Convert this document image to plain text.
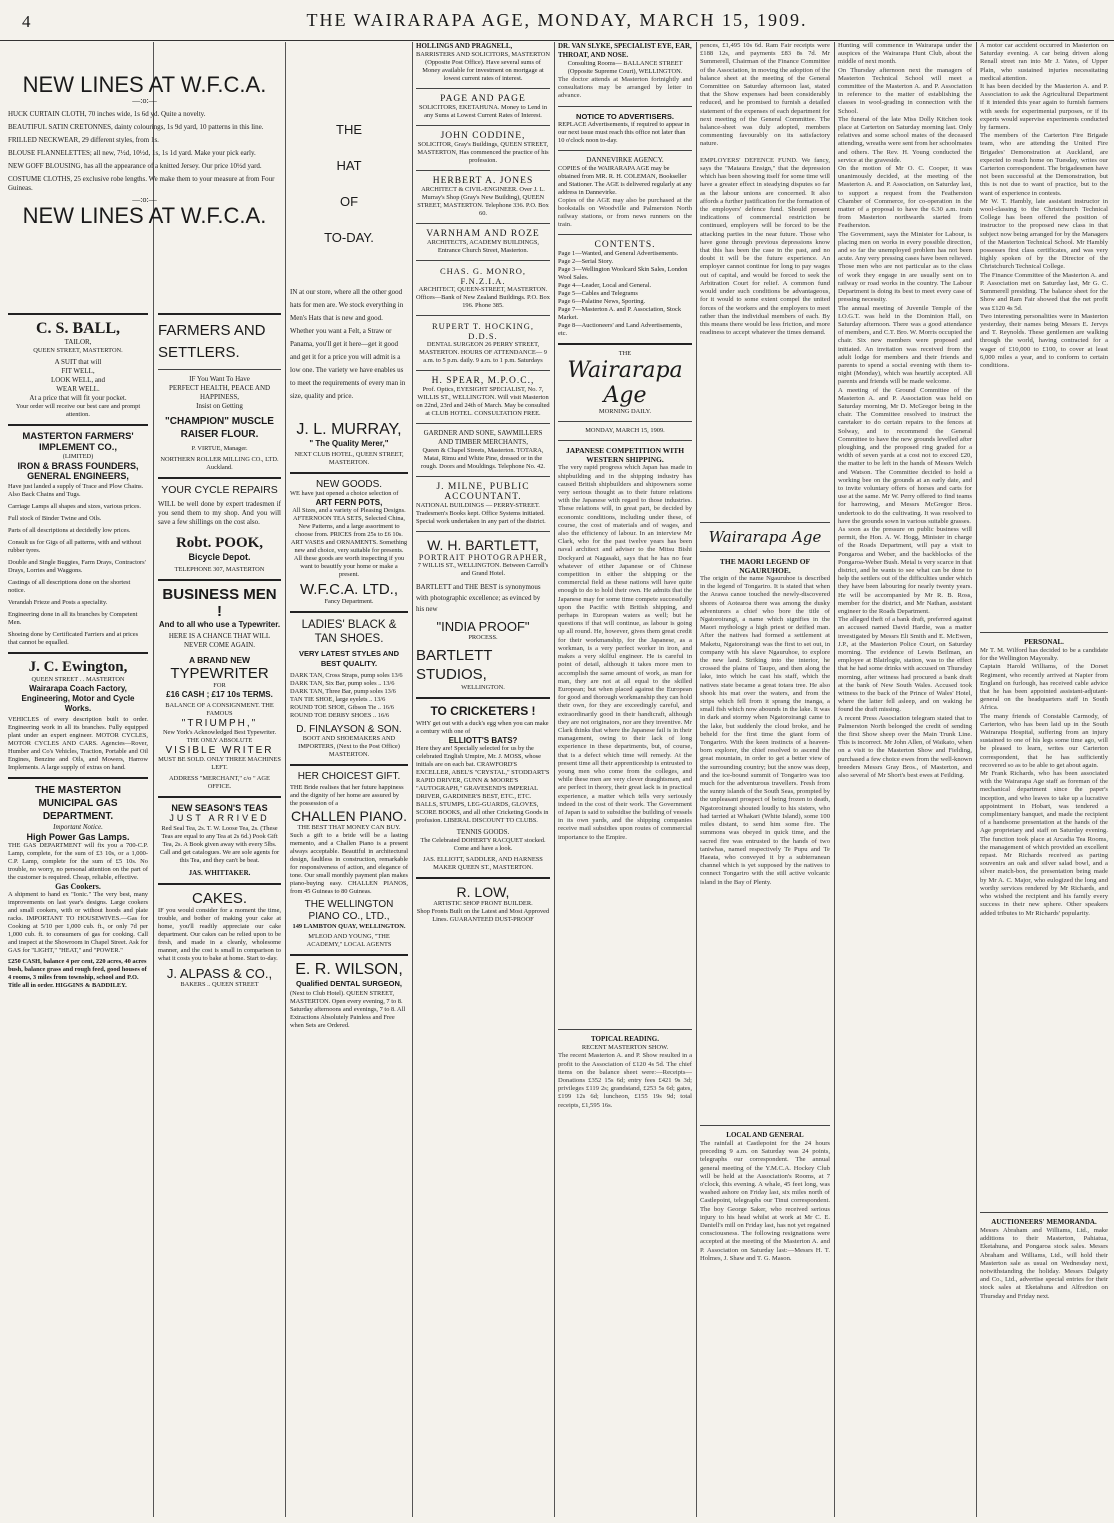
4	THE WAIRARAPA AGE, MONDAY, MARCH 15, 1909.
NEW LINES AT W.F.C.A.
—:o:—

HUCK CURTAIN CLOTH, 70 inches wide, 1s 6d yd. Quite a novelty.

BEAUTIFUL SATIN CRETONNES, dainty colourings, 1s 9d yard, 10 patterns in this line.

FRILLED NECKWEAR, 29 different styles, from 1s.

BLOUSE FLANNELETTES; all new, 7½d, 10½d, 1s, 1s 1d yard. Make your pick early.

NEW GOFF BLOUSING, has all the appearance of a knitted Jersey. Our price 10½d yard.

COSTUME CLOTHS, 25 exclusive robe lengths. We make them to your measure at from Four Guineas.

—:o:—
NEW LINES AT W.F.C.A.
C. S. BALL,
TAILOR,
QUEEN STREET, MASTERTON.

A SUIT that will

FIT WELL,

LOOK WELL, and

WEAR WELL.

At a price that will fit your pocket.

Your order will receive our best care and prompt attention.

MASTERTON FARMERS' IMPLEMENT CO.,
(LIMITED)
IRON & BRASS FOUNDERS,
GENERAL ENGINEERS,

Have just landed a supply of Trace and Plow Chains. Also Back Chains and Tugs.

Carriage Lamps all shapes and sizes, various prices.

Full stock of Binder Twine and Oils.

Parts of all descriptions at decidedly low prices.

Consult us for Gigs of all patterns, with and without rubber tyres.

Double and Single Buggies, Farm Drays, Contractors' Drays, Lorries and Waggons.

Castings of all descriptions done on the shortest notice.

Verandah Frieze and Posts a speciality.

Engineering done in all its branches by Competent Men.

Shoeing done by Certificated Farriers and at prices that cannot be equalled.

J. C. Ewington,
QUEEN STREET . . MASTERTON
Wairarapa Coach Factory, Engineering, Motor and Cycle Works.

VEHICLES of every description built to order. Engineering work in all its branches. Fully equipped plant under an expert engineer. MOTOR CYCLES, MOTOR CYCLES AND CARS. Agencies—Rover, Humber and Co's Vehicles, Traction, Portable and Oil Engines, Benzine and Oils, and Mowers, Harrow Implements. A large supply of extras on hand.

THE MASTERTON MUNICIPAL GAS DEPARTMENT.
Important Notice.
High Power Gas Lamps.

THE GAS DEPARTMENT will fix you a 700-C.P. Lamp, complete, for the sum of £3 10s, or a 1,000-C.P. Lamp, complete for the sum of £5 10s. No trouble, no worry, no personal attention on the part of the customer is required. Cheap, reliable, effective.

Gas Cookers.

A shipment to hand ex "Ionic." The very best, many improvements on last year's designs. Large cookers and small cookers, with or without hoods and plate racks. IMPORTANT TO HOUSEWIVES.—Gas for Cooking at 5/10 per 1,000 cub. ft., or only 7d per 1,000 cub. ft. to consumers of gas for cooking. Call and inspect at the Showroom in Chapel Street. Ask for GAS for "LIGHT," "HEAT," and "POWER."

£250 CASH, balance 4 per cent, 220 acres, 40 acres bush, balance grass and rough feed, good houses of 4 rooms, 3 miles from township, school and P.O. Title all in order. HIGGINS & BADDILEY.

FARMERS AND SETTLERS.
IF You Want To Have
PERFECT HEALTH, PEACE AND HAPPINESS,
Insist on Getting
"CHAMPION" MUSCLE RAISER FLOUR.
P. VIRTUE, Manager.
NORTHERN ROLLER MILLING CO., LTD. Auckland.
YOUR CYCLE REPAIRS

WILL be well done by expert tradesmen if you send them to my shop. And you will save a few shillings on the cost also.

Robt. POOK,
Bicycle Depot.
TELEPHONE 307, MASTERTON
BUSINESS MEN !
And to all who use a Typewriter.
HERE IS A CHANCE THAT WILL NEVER COME AGAIN.
A BRAND NEW
TYPEWRITER
FOR
£16 CASH ; £17 10s TERMS.
BALANCE OF A CONSIGNMENT. THE FAMOUS
"TRIUMPH,"
New York's Acknowledged Best Typewriter. THE ONLY ABSOLUTE
VISIBLE WRITER
MUST BE SOLD. ONLY THREE MACHINES LEFT.
ADDRESS "MERCHANT," c/o " AGE OFFICE.
NEW SEASON'S TEAS
JUST ARRIVED

Red Seal Tea, 2s. T. W. Loose Tea, 2s. (These Teas are equal to any Tea at 2s 6d.) Pook Gift Tea, 2s. A Book given away with every 5lbs. Call and get catalogues. We are sole agents for this Tea, and they can't be beat.

JAS. WHITTAKER.
CAKES.

IF you would consider for a moment the time, trouble, and bother of making your cake at home, you'll readily appreciate our cake department. Our cakes can be relied upon to be fresh, and made in a cleanly, wholesome manner, and the cost is small in comparison to what it costs you to bake at home. Start to-day.

J. ALPASS & CO.,
BAKERS .. QUEEN STREET
THE
HAT
OF
TO-DAY.

IN at our store, where all the other good hats for men are. We stock everything in Men's Hats that is new and good. Whether you want a Felt, a Straw or Panama, you'll get it here—get it good and get it for a price you will admit is a low one. The variety we have enables us to meet the requirements of every man in size, quality and price.

J. L. MURRAY,
" The Quality Merer,"
NEXT CLUB HOTEL, QUEEN STREET, MASTERTON.
NEW GOODS.

WE have just opened a choice selection of

ART FERN POTS,

All Sizes, and a variety of Pleasing Designs. AFTERNOON TEA SETS, Selected China, New Patterns, and a large assortment to choose from. PRICES from 25s to £6 10s. ART VASES and ORNAMENTS. Something new and choice, very suitable for presents. All these goods are worth inspecting if you want to beautify your home or make a present.

W.F.C.A. LTD.,
Fancy Department.
LADIES' BLACK & TAN SHOES.
VERY LATEST STYLES AND BEST QUALITY.

DARK TAN, Cross Straps, pump soles 13/6

DARK TAN, Six Bar, pump soles .. 13/6

DARK TAN, Three Bar, pump soles 13/6

TAN TIE SHOE, large eyelets .. 13/6

ROUND TOE SHOE, Gibson Tie .. 16/6

ROUND TOE DERBY SHOES .. 16/6

D. FINLAYSON & SON.

BOOT AND SHOEMAKERS AND IMPORTERS, (Next to the Post Office) MASTERTON.

HER CHOICEST GIFT.

THE Bride realises that her future happiness and the dignity of her home are assured by the possession of a

CHALLEN PIANO.
THE BEST THAT MONEY CAN BUY.

Such a gift to a bride will be a lasting memento, and a Challen Piano is a present always acceptable. Beautiful in architectural design, faultless in construction, remarkable for responsiveness of action, and elegance of tone. Our small monthly payment plan makes piano-buying easy. CHALLEN PIANOS, from 45 Guineas to 80 Guineas.

THE WELLINGTON PIANO CO., LTD.,
149 LAMBTON QUAY, WELLINGTON.
M'LEOD AND YOUNG, "THE ACADEMY," LOCAL AGENTS
E. R. WILSON,
Qualified DENTAL SURGEON,

(Next to Club Hotel). QUEEN STREET, MASTERTON. Open every evening, 7 to 8. Saturday afternoons and evenings, 7 to 8. All Extractions Absolutely Painless and Free when Sets are Ordered.

HOLLINGS AND PRAGNELL,

BARRISTERS AND SOLICITORS, MASTERTON (Opposite Post Office). Have several sums of Money available for investment on mortgage at lowest current rates of interest.

PAGE AND PAGE

SOLICITORS, EKETAHUNA. Money to Lend in any Sums at Lowest Current Rates of Interest.

JOHN CODDINE,

SOLICITOR, Gray's Buildings, QUEEN STREET, MASTERTON, Has commenced the practice of his profession.

HERBERT A. JONES

ARCHITECT & CIVIL-ENGINEER. Over J. L. Murray's Shop (Gray's New Building), QUEEN STREET, MASTERTON. Telephone 336. P.O. Box 60.

VARNHAM AND ROZE

ARCHITECTS, ACADEMY BUILDINGS, Entrance Church Street, Masterton.

CHAS. G. MONRO, F.N.Z.I.A.

ARCHITECT, QUEEN-STREET, MASTERTON. Offices—Bank of New Zealand Buildings. P.O. Box 196. Phone 385.

RUPERT T. HOCKING, D.D.S.

DENTAL SURGEON 26 PERRY STREET, MASTERTON. HOURS OF ATTENDANCE— 9 a.m. to 5 p.m. daily. 9 a.m. to 1 p.m. Saturdays

H. SPEAR, M.P.O.C.,

Prof. Optics, EYESIGHT SPECIALIST, No. 7, WILLIS ST., WELLINGTON. Will visit Masterton on 22nd, 23rd and 24th of March. May be consulted at CLUB HOTEL. CONSULTATION FREE.

GARDNER AND SONE, SAWMILLERS AND TIMBER MERCHANTS,

Queen & Chapel Streets, Masterton. TOTARA, Matai, Rimu and White Pine, dressed or in the rough. Doors and Mouldings. Telephone No. 42.

J. MILNE, PUBLIC ACCOUNTANT.

NATIONAL BUILDINGS — PERRY-STREET. Tradesmen's Books kept. Office Systems initiated. Special work undertaken in any part of the district.

W. H. BARTLETT,
PORTRAIT PHOTOGRAPHER,
7 WILLIS ST., WELLINGTON. Between Carroll's and Grand Hotel.

BARTLETT and THE BEST is synonymous with photographic excellence; as evinced by his new

"INDIA PROOF"
PROCESS.
BARTLETT STUDIOS,
WELLINGTON.
TO CRICKETERS !

WHY get out with a duck's egg when you can make a century with one of

ELLIOTT'S BATS?

Here they are! Specially selected for us by the celebrated English Umpire, Mr. J. MOSS, whose initials are on each bat. CRAWFORD'S EXCELLER, ABEL'S "CRYSTAL," STODDART'S RAPID DRIVER, GUNN & MOORE'S "AUTOGRAPH," GRAVESEND'S IMPERIAL DRIVER, GARDINER'S BEST, ETC., ETC. BALLS, STUMPS, LEG-GUARDS, GLOVES, SCORE BOOKS, and all other Cricketing Goods in profusion. LIBERAL DISCOUNT TO CLUBS.

TENNIS GOODS.

The Celebrated DOHERTY RACQUET stocked. Come and have a look.

JAS. ELLIOTT, SADDLER, AND HARNESS MAKER QUEEN ST., MASTERTON.

R. LOW,
ARTISTIC SHOP FRONT BUILDER.

Shop Fronts Built on the Latest and Most Approved Lines. GUARANTEED DUST-PROOF

DR. VAN SLYKE, SPECIALIST EYE, EAR, THROAT, AND NOSE.

Consulting Rooms— BALLANCE STREET (Opposite Supreme Court), WELLINGTON.

The doctor attends at Masterton fortnightly and consultations may be arranged by letter in advance.
NOTICE TO ADVERTISERS.

REPLACE Advertisements, if required to appear in our next issue must reach this office not later than 10 o'clock noon to-day.

DANNEVIRKE AGENCY.

COPIES of the WAIRARAPA AGE may be obtained from MR. R. H. COLEMAN, Bookseller and Stationer. The AGE is delivered regularly at any address in Dannevirke.

Copies of the AGE may also be purchased at the bookstalls on Woodville and Palmerston North railway stations, or from news runners on the train.
CONTENTS.

Page 1—Wanted, and General Advertisements.

Page 2—Serial Story.

Page 3—Wellington Woolcard Skin Sales, London Wool Sales.

Page 4—Leader, Local and General.

Page 5—Cables and Telegrams

Page 6—Palatine News, Sporting.

Page 7—Masterton A. and P. Association, Stock Market.

Page 8—Auctioneers' and Land Advertisements, etc.

THE
Wairarapa Age
MORNING DAILY.
MONDAY, MARCH 15, 1909.
JAPANESE COMPETITION WITH WESTERN SHIPPING.
The very rapid progress which Japan has made in shipbuilding and in the shipping industry has caused British shipbuilders and shipowners some very serious thought as to their future relations with the Japanese with regard to those industries. These relations will, in great part, be decided by economic conditions, including under these, of course, the cost of materials and of wages, and also the efficiency of labour. In an interview Mr Clark, who for the past twelve years has been naval architect and adviser to the Mitsu Bishi Dockyard at Nagasaki, says that he has no fear whatever of either Japanese or of Chinese competition in either the shipping or the commercial field as these nations will have quite enough to do to hold their own. He admits that the Japanese may for some time compete successfully upon the Pacific with British shipping, and perhaps in European waters as well; but he questions if that will continue, as labour is going up all round. He, however, gives them great credit for their workmanship, for the Japanese, as a workman, is a very perfect worker in iron, and makes a very skilful engineer. He is careful in point of detail, although it takes more men to accomplish the same amount of work, as man for man, they are not at all equal to the skilled European; but when placed against the European for good and thorough workmanship they can hold their own, for they are exceedingly careful, and extraordinarily good in their handicraft, although they are not originators, nor are they inventive. Mr Clark thinks that where the Japanese fail is in their management, owing to their lack of long experience in these departments, but, of course, that is a defect which time will remedy. At the present time all their apprenticeship is entrusted to young men who come from the colleges, and while these men are very clever draughtsmen, and are perfect in theory, their great lack is in practical experience, a matter which tells very seriously indeed in the cost of their work. The Government of Japan is said to subsidise the building of vessels in its own yards, and the shipping companies receive mail subsidies upon routes of commercial importance to the Empire.
TOPICAL READING.
RECENT MASTERTON SHOW.
The recent Masterton A. and P. Show resulted in a profit to the Association of £120 4s 5d. The chief items on the balance sheet were:—Receipts—Donations £352 15s 6d; entry fees £421 9s 3d; privileges £119 2s; grandstand, £253 5s 6d; gates, £199 12s 6d; luncheon, £155 19s 9d; total receipts, £1,595 16s.
pences, £1,495 10s 6d. Ram Fair receipts were £188 12s, and payments £83 8s 7d. Mr Summerell, Chairman of the Finance Committee of the Association, in moving the adoption of the balance sheet at the meeting of the General Committee on Saturday afternoon last, stated that the Show expenses had been considerably reduced, and he promised to furnish a detailed statement of the expenses of each department for next meeting of the General Committee. The balance-sheet was duly adopted, members commenting favourably on its satisfactory nature.

EMPLOYERS' DEFENCE FUND. We fancy, says the "Mataura Ensign," that the depression which has been showing itself for some time will have a greater effect in steadying disputes so far as the labour unions are concerned. It also affords a further justification for the formation of the employers' defence fund. Should present indications of commercial restriction be continued, employers will be forced to be the attacking parties in the near future. Those who have gone through previous depressions know that this has been the case in the past, and no doubt it will be the future experience. An employer cannot continue for long to pay wages out of capital, and would be forced to seek the Arbitration Court for relief. A common fund would under such conditions be advantageous, for it would to some extent compel the united forces of the workers and the employers to meet rather than the individual members of each. By this means there would be less friction, and more readiness to accept whatever the times demand.
Wairarapa Age
THE MAORI LEGEND OF NGAURUHOE.
The origin of the name Ngauruhoe is described in the legend of Tongariro. It is stated that when the Arawa canoe touched the newly-discovered shores of Aotearoa there was among the dusky adventurers a chief who bore the title of Ngatoroirangi, a name which signifies in the Maori mythology a high priest or deified man. After the natives had formed a settlement at Maketu, Ngatoroirangi was the first to set out, in company with his slave Ngauruhoe, to explore the new land. Striking into the interior, he crossed the plains of Taupo, and then along the lake, into which he cast his staff, which the natives state became a great totara tree. He also shook his mat over the waters, and from the strips which fell from it sprang the inanga, a small fish which now abounds in the lake. It was in dark and stormy when Ngatoroirangi came to the lake, but suddenly the cloud broke, and he beheld for the first time the giant form of Tongariro. With the keen instincts of a heaven-born explorer, the chief resolved to ascend the great mountain, in order to get a better view of the surrounding country; but the snow was deep, and the ice-bound summit of Tongariro was too much for the adventurous travellers. Fresh from the sunny islands of the South Seas, prompted by the unpleasant prospect of being frozen to death, Ngatoroirangi shouted loudly to his sisters, who had tarried at Whakari (White Island), some 100 miles distant, to send him some fire. The summons was obeyed in quick time, and the sacred fire was entrusted to the hands of two taniwhas, named respectively Te Pupu and Te Haeata, who conveyed it by a subterranean channel which is yet supposed by the natives to connect Tongariro with the still active volcanic island in the Bay of Plenty.
LOCAL AND GENERAL
The rainfall at Castlepoint for the 24 hours preceding 9 a.m. on Saturday was 24 points, telegraphs our correspondent. The annual general meeting of the Y.M.C.A. Hockey Club will be held at the Association's Rooms, at 7 o'clock, this evening. A whale, 45 feet long, was washed ashore on Friday last, six miles north of Castlepoint, telegraphs our Tinui correspondent. The boy George Saker, who received serious injury to his head whilst at work at Mr C. E. Daniell's mill on Friday last, has not yet regained consciousness. The following resignations were accepted at the meeting of the Masterton A. and P. Association on Saturday last:—Messrs H. T. Holmes, J. Shaw and T. G. Mason.
Hunting will commence in Wairarapa under the auspices of the Wairarapa Hunt Club, about the middle of next month.
On Thursday afternoon next the managers of Masterton Technical School will meet a committee of the Masterton A. and P. Association in reference to the matter of establishing the classes in wool-grading in connection with the School.
The funeral of the late Miss Dolly Kitchen took place at Carterton on Saturday morning last. Only relatives and some school mates of the deceased attending, wreaths were sent from her schoolmates and others. The Rev. H. Young conducted the service at the graveside.
On the motion of Mr O. C. Cooper, it was unanimously decided, at the meeting of the Masterton A. and P. Association, on Saturday last, to support a request from the Featherston Chamber of Commerce, for co-operation in the matter of a proposal to have the 6.30 a.m. train from Masterton northwards started from Featherston.
The Government, says the Minister for Labour, is placing men on works in every possible direction, and so far the unemployed problem has not been acute. Any very pressing cases have been relieved. Those men who are not particular as to the class of work they engage in are usually sent on to railway or road works in the country. The Labour Department is doing its best to meet every case of pressing necessity.
The annual meeting of Juvenile Temple of the I.O.G.T. was held in the Dominion Hall, on Saturday afternoon. There was a good attendance of members, and C.T. Bro. W. Morris occupied the chair. Six new members were proposed and initiated. An invitation was received from the adult lodge for members and their friends and parents to spend a social evening with them to-night (Monday), which was heartily accepted. All parents and friends will be made welcome.
A meeting of the Ground Committee of the Masterton A. and P. Association was held on Saturday morning, Mr D. McGregor being in the chair. The Committee resolved to instruct the caretaker to do certain repairs to the fences at Solway, and to recommend the General Committee to have the new grounds levelled after ploughing, and the proposed ring graded for a width of seven yards at a cost not to exceed £20, the matter to be left in the hands of Messrs Welch and Watson. The Committee decided to hold a working bee on the grounds at an early date, and to invite voluntary offers of horses and carts for use at the same. Mr W. Perry offered to find teams for harrowing, and Messrs McGregor Bros. undertook to do the cultivating. It was resolved to have the grounds sown in various suitable grasses.
As soon as the pressure on public business will permit, the Hon. A. W. Hogg, Minister in charge of the Roads Department, will pay a visit to Pongaroa and Weber, and the backblocks of the Pongaroa-Weber Bush. Metal is very scarce in that district, and he wants to see what can be done to help the settlers out of the difficulties under which they have been labouring for nearly twenty years. He will be accompanied by Mr R. B. Ross, member for the district, and Mr Nathan, assistant engineer to the Roads Department.
The alleged theft of a bank draft, preferred against an accused named David Hardie, was a matter investigated by Messrs Eli Smith and E. McEwen, J.P., at the Masterton Police Court, on Saturday morning. The evidence of Lewis Beilman, an employee at Blairlogie, station, was to the effect that he had some drinks with accused on Thursday morning, after witness had procured a bank draft at the bank of New South Wales. Accused took witness to the back of the Prince of Wales' Hotel, where the latter fell asleep, and on waking he found the draft missing.
A recent Press Association telegram stated that to Palmerston North belonged the credit of sending the first Show sheep over the Main Trunk Line. This is incorrect. Mr John Allen, of Waikato, when on a visit to the Masterton Show and Fielding, purchased a few choice ewes from the well-known breeders Messrs Gray Bros., of Masterton, and also several of Mr Short's best ewes at Feilding.
A motor car accident occurred in Masterton on Saturday evening. A car being driven along Renall street ran into Mr J. Yates, of Upper Plain, who sustained injuries necessitating medical attention.
It has been decided by the Masterton A. and P. Association to ask the Agricultural Department if it intended this year again to furnish farmers with seeds for experimental purposes, or if its experts would supervise experiments conducted by farmers.
The members of the Carterton Fire Brigade team, who are attending the United Fire Brigades' Demonstration at Auckland, are expected to reach home on Tuesday, writes our Carterton correspondent. The brigadesmen have not been successful at the Demonstration, but this is not due to want of practice, but to the want of experience in contests.
Mr W. T. Hambly, late assistant instructor in wool-classing to the Christchurch Technical College has been offered the position of instructor to the proposed new class in that subject now being arranged for by the Managers of the Masterton Technical School. Mr Hambly possesses first class certificates, and was very highly spoken of by the Director of the Christchurch Technical College.
The Finance Committee of the Masterton A. and P. Association met on Saturday last, Mr G. C. Summerell presiding. The balance sheet for the Show and Ram Fair showed that the net profit was £120 4s 5d.
Two interesting personalities were in Masterton yesterday, their names being Messrs E. Jervys and T. Reynolds. These gentlemen are walking through the world, having contracted for a wager of £10,000 to £100, to cover at least 6,000 miles a year, and to conform to certain conditions.
PERSONAL.
Mr T. M. Wilford has decided to be a candidate for the Wellington Mayoralty.
Captain Harold Williams, of the Dorset Regiment, who recently arrived at Napier from England on furlough, has received cable advice that he has been appointed assistant-adjutant-general on the headquarters staff in South Africa.
The many friends of Constable Carmody, of Carterton, who has been laid up in the South Wairarapa Hospital, suffering from an injury sustained to one of his legs some time ago, will be pleased to learn, writes our Carterton correspondent, that he has sufficiently recovered so as to be able to get about again.
Mr Frank Richards, who has been associated with the Wairarapa Age staff as foreman of the mechanical department since the paper's inception, and who leaves to take up a lucrative appointment in Hobart, was tendered a complimentary banquet, and made the recipient of a handsome presentation at the hands of the Age proprietary and staff on Saturday evening. The function took place at Arcadia Tea Rooms, the management of which provided an excellent repast. Mr Richards received as parting souvenirs an oak and silver salad bowl, and a silver match-box, the presentation being made by Mr A. C. Major, who eulogized the long and worthy services rendered by Mr Richards, and who wished the recipient and his family every success in their new sphere. Other speakers added tributes to Mr Richards' popularity.
AUCTIONEERS' MEMORANDA.
Messrs Abraham and Williams, Ltd., make additions to their Masterton, Pahiatua, Eketahuna, and Pongaroa stock sales. Messrs Abraham and Williams, Ltd., will hold their Masterton sale as usual on Wednesday next, notwithstanding the holiday. Messrs Dalgety and Co., Ltd., advertise special entries for their stock sales at Eketahuna and Alfredton on Thursday and Friday next.
